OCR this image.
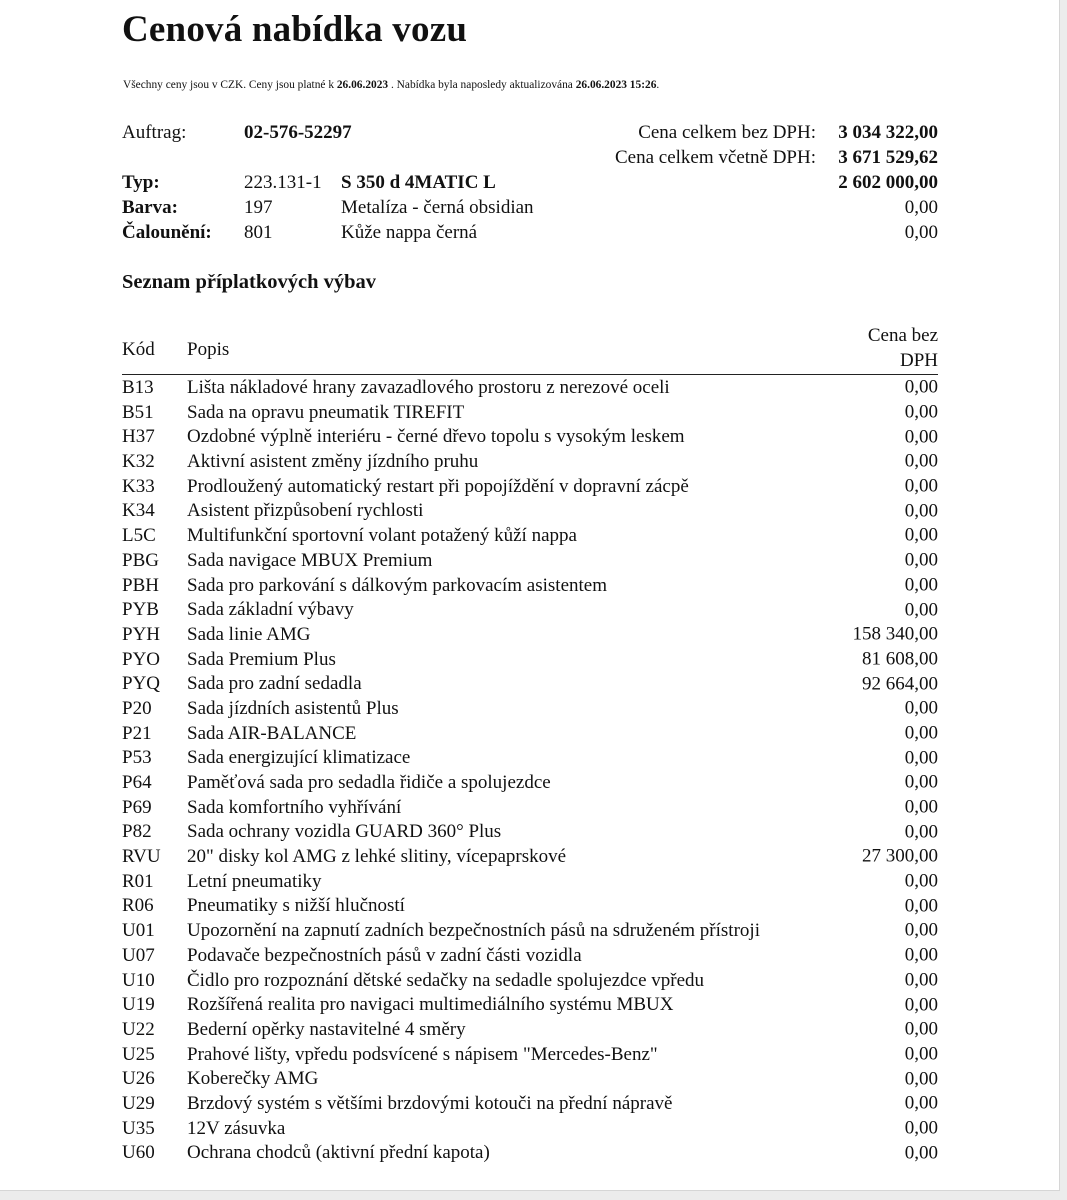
Cenová nabídka vozu
Všechny ceny jsou v CZK. Ceny jsou platné k 26.06.2023 . Nabídka byla naposledy aktualizována 26.06.2023 15:26.
Auftrag:	02-576-52297	Cena celkem bez DPH: 3 034 322,00
Cena celkem včetně DPH: 3 671 529,62
Typ:	223.131-1 S 350 d 4MATIC L	2 602 000,00
Barva:	197	Metalíza - černá obsidian	0,00
Čalounění: 801	Kůže nappa černá	0,00
Seznam příplatkových výbav
Kód Popis
Cena bez
DPH
B13 Lišta nákladové hrany zavazadlového prostoru z nerezové oceli	0,00
B51 Sada na opravu pneumatik TIREFIT	0,00
H37 Ozdobné výplně interiéru - černé dřevo topolu s vysokým leskem	0,00
K32 Aktivní asistent změny jízdního pruhu	0,00
K33 Prodloužený automatický restart při popojíždění v dopravní zácpě	0,00
K34 Asistent přizpůsobení rychlosti	0,00
L5C Multifunkční sportovní volant potažený kůží nappa	0,00
PBG Sada navigace MBUX Premium	0,00
PBH Sada pro parkování s dálkovým parkovacím asistentem	0,00
PYB Sada základní výbavy	0,00
PYH Sada linie AMG	158 340,00
PYO Sada Premium Plus	81 608,00
PYQ Sada pro zadní sedadla	92 664,00
P20 Sada jízdních asistentů Plus	0,00
P21 Sada AIR-BALANCE	0,00
P53 Sada energizující klimatizace	0,00
P64 Paměťová sada pro sedadla řidiče a spolujezdce	0,00
P69 Sada komfortního vyhřívání	0,00
P82 Sada ochrany vozidla GUARD 360° Plus	0,00
RVU 20" disky kol AMG z lehké slitiny, vícepaprskové	27 300,00
R01 Letní pneumatiky	0,00
R06 Pneumatiky s nižší hlučností	0,00
U01 Upozornění na zapnutí zadních bezpečnostních pásů na sdruženém přístroji	0,00
U07 Podavače bezpečnostních pásů v zadní části vozidla	0,00
U10 Čidlo pro rozpoznání dětské sedačky na sedadle spolujezdce vpředu	0,00
U19 Rozšířená realita pro navigaci multimediálního systému MBUX	0,00
U22 Bederní opěrky nastavitelné 4 směry	0,00
U25 Prahové lišty, vpředu podsvícené s nápisem "Mercedes-Benz"	0,00
U26 Koberečky AMG	0,00
U29 Brzdový systém s většími brzdovými kotouči na přední nápravě	0,00
U35 12V zásuvka	0,00
U60 Ochrana chodců (aktivní přední kapota)	0,00
